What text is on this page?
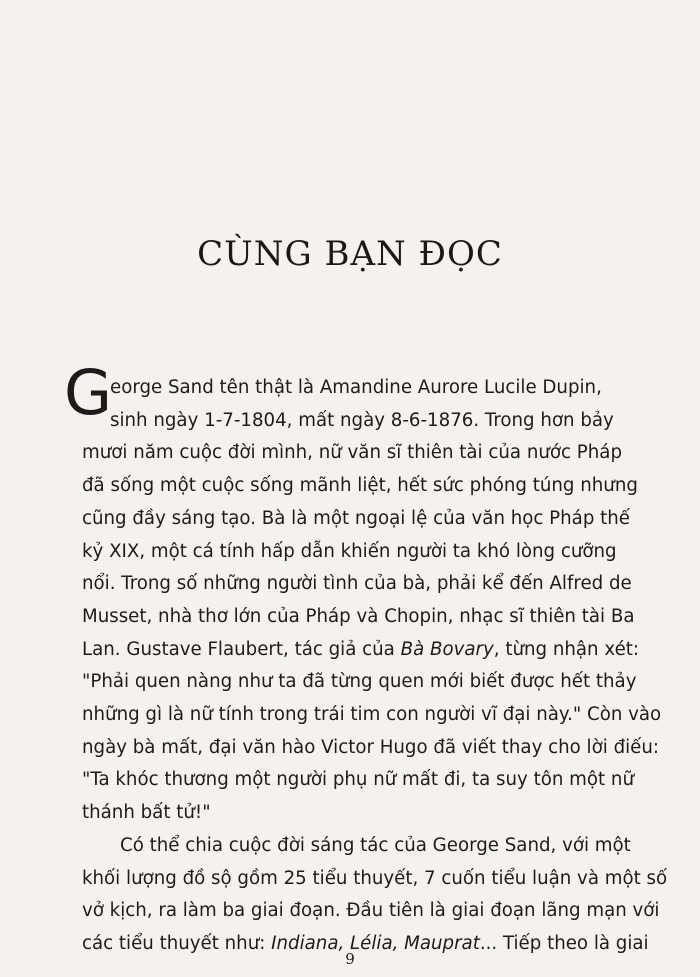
CÙNG BẠN ĐỌC
G
eorge Sand tên thật là Amandine Aurore Lucile Dupin,
sinh ngày 1-7-1804, mất ngày 8-6-1876. Trong hơn bảy
mươi năm cuộc đời mình, nữ văn sĩ thiên tài của nước Pháp
đã sống một cuộc sống mãnh liệt, hết sức phóng túng nhưng
cũng đầy sáng tạo. Bà là một ngoại lệ của văn học Pháp thế
kỷ XIX, một cá tính hấp dẫn khiến người ta khó lòng cưỡng
nổi. Trong số những người tình của bà, phải kể đến Alfred de
Musset, nhà thơ lớn của Pháp và Chopin, nhạc sĩ thiên tài Ba
Lan. Gustave Flaubert, tác giả của Bà Bovary, từng nhận xét:
"Phải quen nàng như ta đã từng quen mới biết được hết thảy
những gì là nữ tính trong trái tim con người vĩ đại này." Còn vào
ngày bà mất, đại văn hào Victor Hugo đã viết thay cho lời điếu:
"Ta khóc thương một người phụ nữ mất đi, ta suy tôn một nữ
thánh bất tử!"
Có thể chia cuộc đời sáng tác của George Sand, với một
khối lượng đồ sộ gồm 25 tiểu thuyết, 7 cuốn tiểu luận và một số
vở kịch, ra làm ba giai đoạn. Đầu tiên là giai đoạn lãng mạn với
các tiểu thuyết như: Indiana, Lélia, Mauprat... Tiếp theo là giai
9
